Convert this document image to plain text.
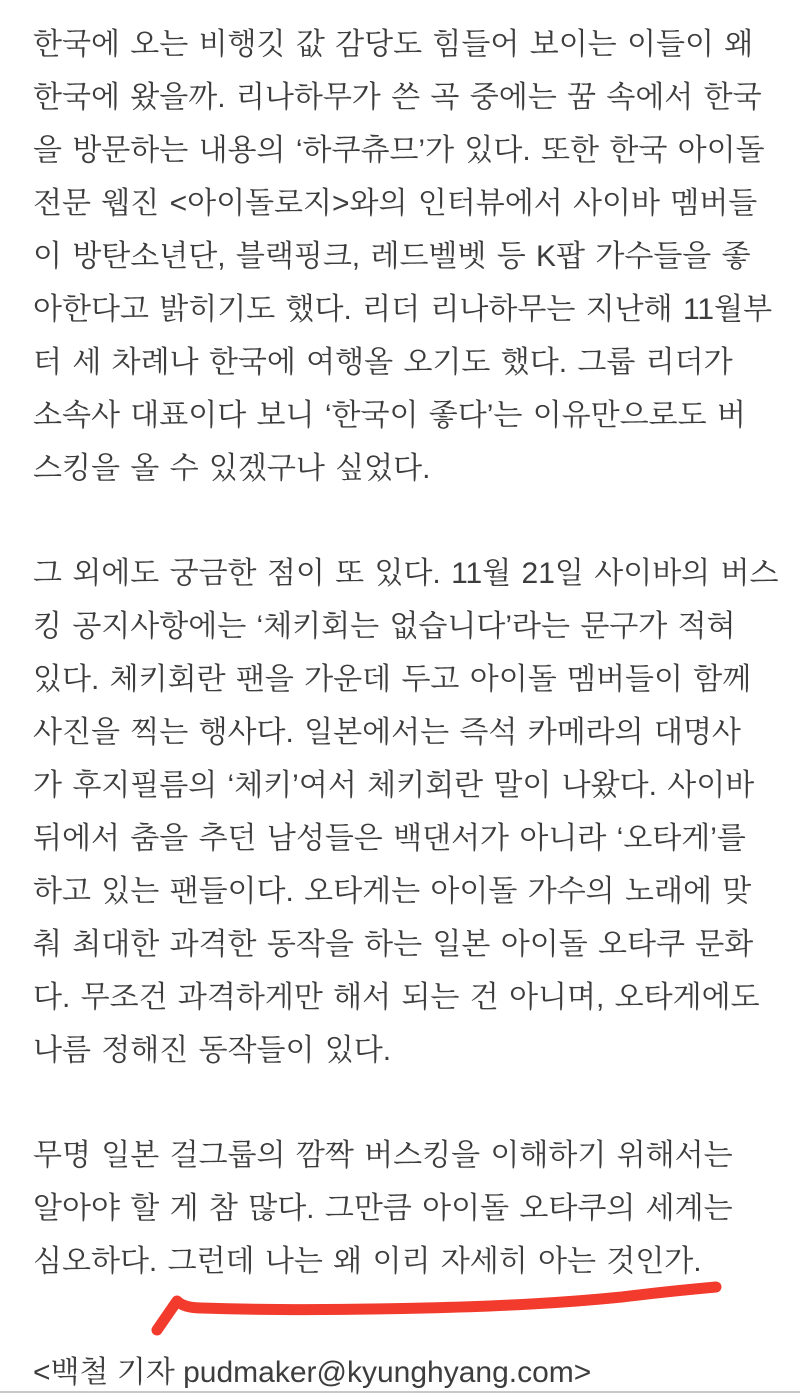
한국에 오는 비행깃 값 감당도 힘들어 보이는 이들이 왜
한국에 왔을까. 리나하무가 쓴 곡 중에는 꿈 속에서 한국
을 방문하는 내용의 ‘하쿠츄므’가 있다. 또한 한국 아이돌
전문 웹진 <아이돌로지>와의 인터뷰에서 사이바 멤버들
이 방탄소년단, 블랙핑크, 레드벨벳 등 K팝 가수들을 좋
아한다고 밝히기도 했다. 리더 리나하무는 지난해 11월부
터 세 차례나 한국에 여행올 오기도 했다. 그룹 리더가
소속사 대표이다 보니 ‘한국이 좋다’는 이유만으로도 버
스킹을 올 수 있겠구나 싶었다.

그 외에도 궁금한 점이 또 있다. 11월 21일 사이바의 버스
킹 공지사항에는 ‘체키회는 없습니다’라는 문구가 적혀
있다. 체키회란 팬을 가운데 두고 아이돌 멤버들이 함께
사진을 찍는 행사다. 일본에서는 즉석 카메라의 대명사
가 후지필름의 ‘체키’여서 체키회란 말이 나왔다. 사이바
뒤에서 춤을 추던 남성들은 백댄서가 아니라 ‘오타게’를
하고 있는 팬들이다. 오타게는 아이돌 가수의 노래에 맞
춰 최대한 과격한 동작을 하는 일본 아이돌 오타쿠 문화
다. 무조건 과격하게만 해서 되는 건 아니며, 오타게에도
나름 정해진 동작들이 있다.

무명 일본 걸그룹의 깜짝 버스킹을 이해하기 위해서는
알아야 할 게 참 많다. 그만큼 아이돌 오타쿠의 세계는
심오하다. 그런데 나는 왜 이리 자세히 아는 것인가.

<백철 기자 pudmaker@kyunghyang.com>
